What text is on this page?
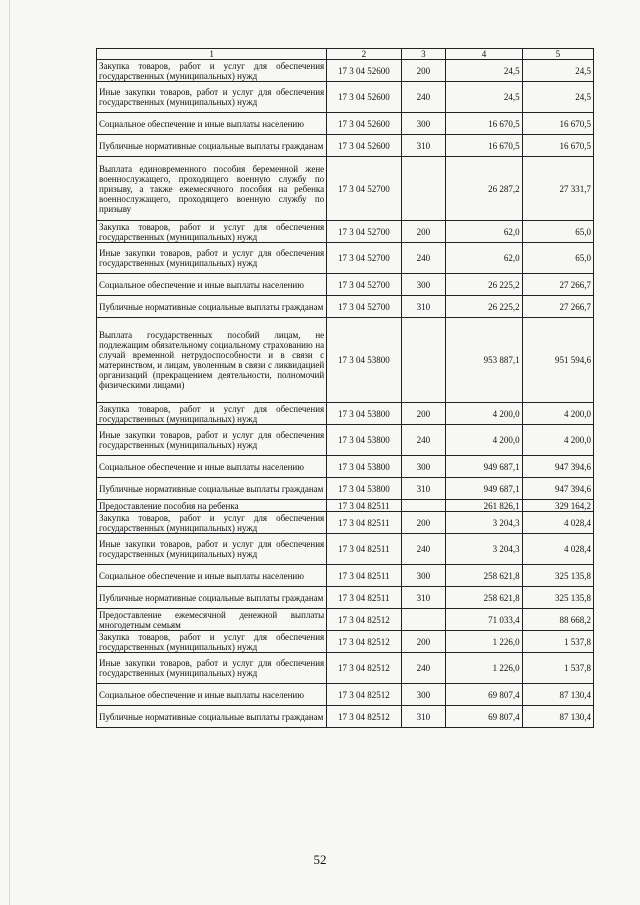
1	2	3	4	5
Закупка товаров, работ и услуг для обеспечения государственных (муниципальных) нужд	17 3 04 52600	200	24,5	24,5
Иные закупки товаров, работ и услуг для обеспечения государственных (муниципальных) нужд	17 3 04 52600	240	24,5	24,5
Социальное обеспечение и иные выплаты населению	17 3 04 52600	300	16 670,5	16 670,5
Публичные нормативные социальные выплаты гражданам	17 3 04 52600	310	16 670,5	16 670,5
Выплата единовременного пособия беременной жене военнослужащего, проходящего военную службу по призыву, а также ежемесячного пособия на ребенка военнослужащего, проходящего военную службу по призыву	17 3 04 52700		26 287,2	27 331,7
Закупка товаров, работ и услуг для обеспечения государственных (муниципальных) нужд	17 3 04 52700	200	62,0	65,0
Иные закупки товаров, работ и услуг для обеспечения государственных (муниципальных) нужд	17 3 04 52700	240	62,0	65,0
Социальное обеспечение и иные выплаты населению	17 3 04 52700	300	26 225,2	27 266,7
Публичные нормативные социальные выплаты гражданам	17 3 04 52700	310	26 225,2	27 266,7
Выплата государственных пособий лицам, не подлежащим обязательному социальному страхованию на случай временной нетрудоспособности и в связи с материнством, и лицам, уволенным в связи с ликвидацией организаций (прекращением деятельности, полномочий физическими лицами)	17 3 04 53800		953 887,1	951 594,6
Закупка товаров, работ и услуг для обеспечения государственных (муниципальных) нужд	17 3 04 53800	200	4 200,0	4 200,0
Иные закупки товаров, работ и услуг для обеспечения государственных (муниципальных) нужд	17 3 04 53800	240	4 200,0	4 200,0
Социальное обеспечение и иные выплаты населению	17 3 04 53800	300	949 687,1	947 394,6
Публичные нормативные социальные выплаты гражданам	17 3 04 53800	310	949 687,1	947 394,6
Предоставление пособия на ребенка	17 3 04 82511		261 826,1	329 164,2
Закупка товаров, работ и услуг для обеспечения государственных (муниципальных) нужд	17 3 04 82511	200	3 204,3	4 028,4
Иные закупки товаров, работ и услуг для обеспечения государственных (муниципальных) нужд	17 3 04 82511	240	3 204,3	4 028,4
Социальное обеспечение и иные выплаты населению	17 3 04 82511	300	258 621,8	325 135,8
Публичные нормативные социальные выплаты гражданам	17 3 04 82511	310	258 621,8	325 135,8
Предоставление ежемесячной денежной выплаты многодетным семьям	17 3 04 82512		71 033,4	88 668,2
Закупка товаров, работ и услуг для обеспечения государственных (муниципальных) нужд	17 3 04 82512	200	1 226,0	1 537,8
Иные закупки товаров, работ и услуг для обеспечения государственных (муниципальных) нужд	17 3 04 82512	240	1 226,0	1 537,8
Социальное обеспечение и иные выплаты населению	17 3 04 82512	300	69 807,4	87 130,4
Публичные нормативные социальные выплаты гражданам	17 3 04 82512	310	69 807,4	87 130,4
52
